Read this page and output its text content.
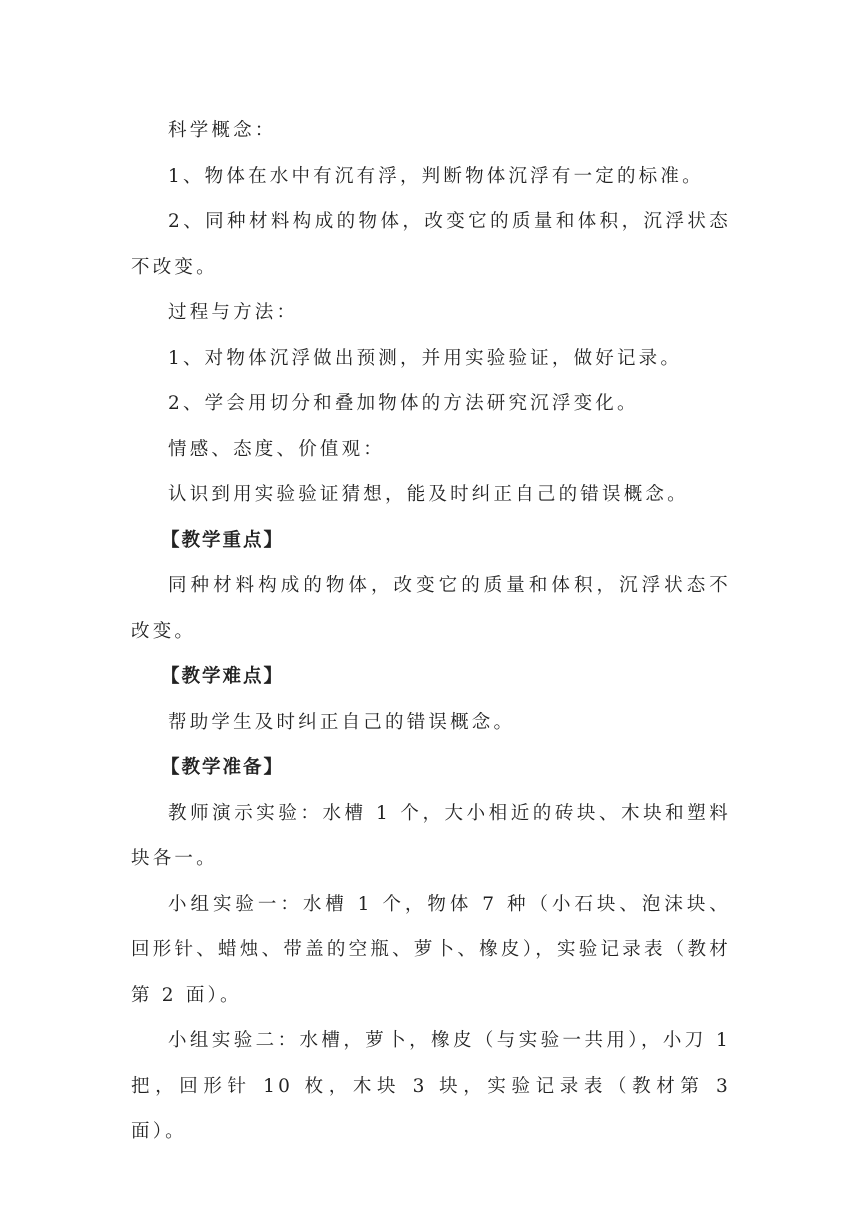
科学概念：

1、物体在水中有沉有浮，判断物体沉浮有一定的标准。

2、同种材料构成的物体，改变它的质量和体积，沉浮状态不改变。

过程与方法：

1、对物体沉浮做出预测，并用实验验证，做好记录。

2、学会用切分和叠加物体的方法研究沉浮变化。

情感、态度、价值观：

认识到用实验验证猜想，能及时纠正自己的错误概念。

【教学重点】

同种材料构成的物体，改变它的质量和体积，沉浮状态不改变。

【教学难点】

帮助学生及时纠正自己的错误概念。

【教学准备】

教师演示实验：水槽 1 个，大小相近的砖块、木块和塑料块各一。

小组实验一：水槽 1 个，物体 7 种（小石块、泡沫块、回形针、蜡烛、带盖的空瓶、萝卜、橡皮），实验记录表（教材第 2 面）。

小组实验二：水槽，萝卜，橡皮（与实验一共用），小刀 1 把，回形针 10 枚，木块 3 块，实验记录表（教材第 3 面）。
